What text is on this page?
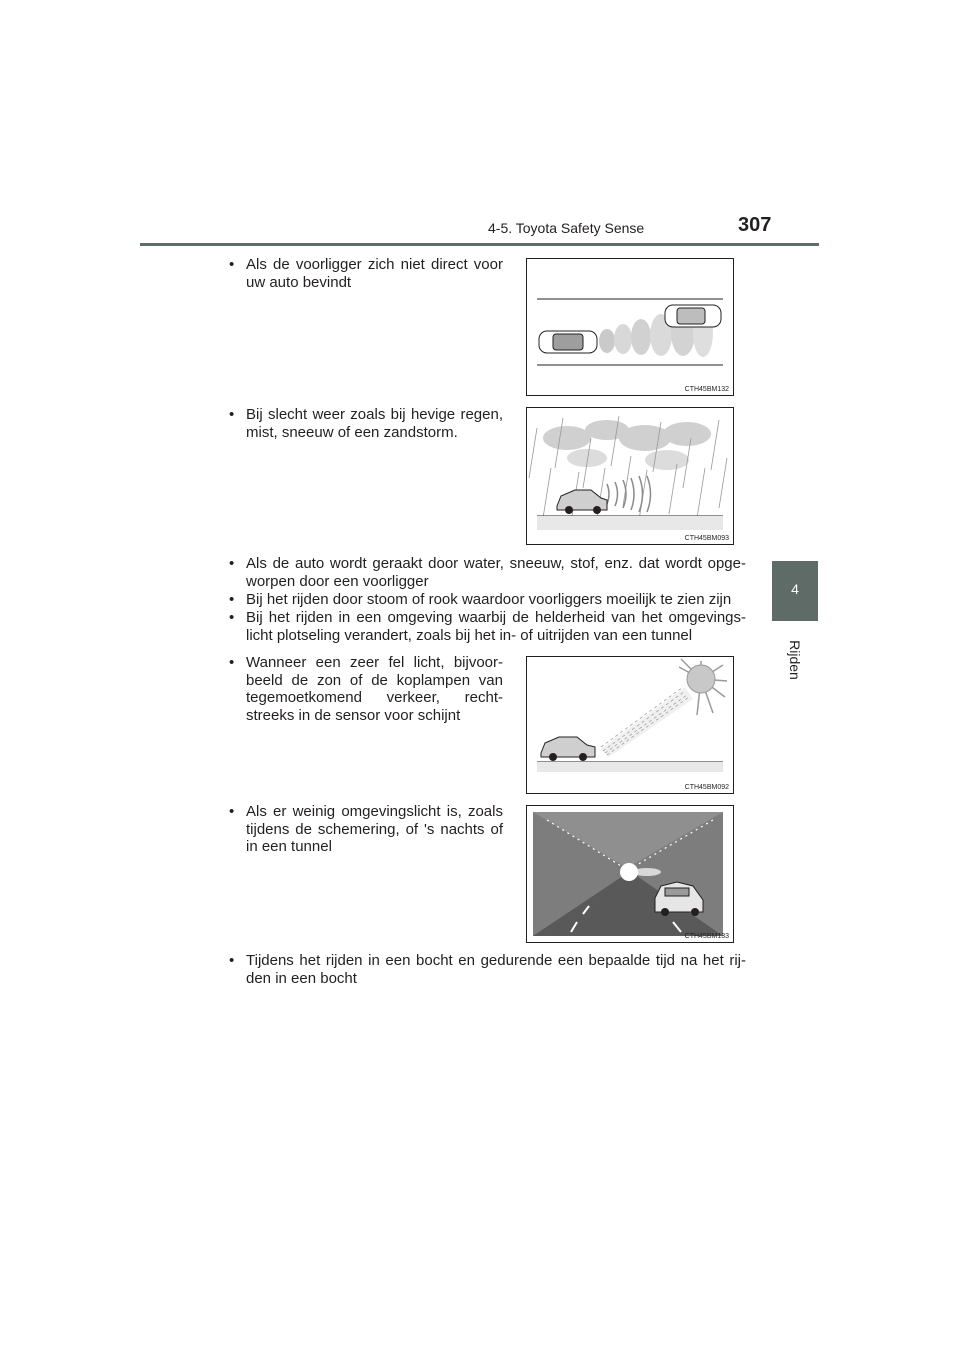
4-5. Toyota Safety Sense	307
4
Rijden
• Als de voorligger zich niet direct voor uw auto bevindt
CTH45BM132
• Bij slecht weer zoals bij hevige regen, mist, sneeuw of een zandstorm.
CTH45BM093
• Als de auto wordt geraakt door water, sneeuw, stof, enz. dat wordt opge-worpen door een voorligger
• Bij het rijden door stoom of rook waardoor voorliggers moeilijk te zien zijn
• Bij het rijden in een omgeving waarbij de helderheid van het omgevings-licht plotseling verandert, zoals bij het in- of uitrijden van een tunnel
• Wanneer een zeer fel licht, bijvoor-beeld de zon of de koplampen van tegemoetkomend verkeer, recht-streeks in de sensor voor schijnt
CTH45BM092
• Als er weinig omgevingslicht is, zoals tijdens de schemering, of 's nachts of in een tunnel
CTH45BM133
• Tijdens het rijden in een bocht en gedurende een bepaalde tijd na het rij-den in een bocht
